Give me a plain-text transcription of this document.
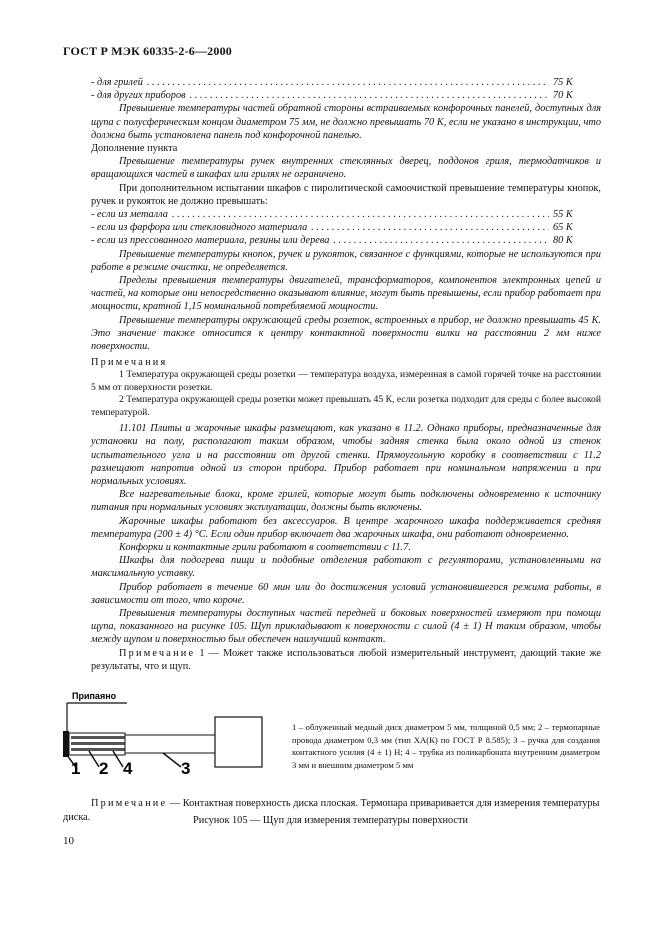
ГОСТ Р МЭК 60335-2-6—2000
- для грилей . . .	75 К
- для других приборов . . .	70 К

Превышение температуры частей обратной стороны встраиваемых конфорочных панелей, доступных для щупа с полусферическим концом диаметром 75 мм, не должно превышать 70 К, если не указано в инструкции, что должна быть установлена панель под конфорочной панелью.

Дополнение пункта

Превышение температуры ручек внутренних стеклянных дверец, поддонов гриля, термодатчиков и вращающихся частей в шкафах или грилях не ограничено.

При дополнительном испытании шкафов с пиролитической самоочисткой превышение температуры кнопок, ручек и рукояток не должно превышать:

- если из металла . . .	55 К
- если из фарфора или стекловидного материала . . .	65 К
- если из прессованного материала, резины или дерева . . .	80 К

Превышение температуры кнопок, ручек и рукояток, связанное с функциями, которые не используются при работе в режиме очистки, не определяется.

Пределы превышения температуры двигателей, трансформаторов, компонентов электронных цепей и частей, на которые они непосредственно оказывают влияние, могут быть превышены, если прибор работает при мощности, кратной 1,15 номинальной потребляемой мощности.

Превышение температуры окружающей среды розеток, встроенных в прибор, не должно превышать 45 К. Это значение также относится к центру контактной поверхности вилки на расстоянии 2 мм ниже поверхности.

Примечания

1 Температура окружающей среды розетки — температура воздуха, измеренная в самой горячей точке на расстоянии 5 мм от поверхности розетки.

2 Температура окружающей среды розетки может превышать 45 К, если розетка подходит для среды с более высокой температурой.

11.101 Плиты и жарочные шкафы размещают, как указано в 11.2. Однако приборы, предназначенные для установки на полу, располагают таким образом, чтобы задняя стенка была около одной из стенок испытательного угла и на расстоянии от другой стенки. Прямоугольную коробку в соответствии с 11.2 размещают напротив одной из сторон прибора. Прибор работает при номинальном напряжении и при нормальных условиях.

Все нагревательные блоки, кроме грилей, которые могут быть подключены одновременно к источнику питания при нормальных условиях эксплуатации, должны быть включены.

Жарочные шкафы работают без аксессуаров. В центре жарочного шкафа поддерживается средняя температура (200 ± 4) °С. Если один прибор включает два жарочных шкафа, они работают одновременно.

Конфорки и контактные грили работают в соответствии с 11.7.

Шкафы для подогрева пищи и подобные отделения работают с регуляторами, установленными на максимальную уставку.

Прибор работает в течение 60 мин или до достижения условий установившегося режима работы, в зависимости от того, что короче.

Превышения температуры доступных частей передней и боковых поверхностей измеряют при помощи щупа, показанного на рисунке 105. Щуп прикладывают к поверхности с силой (4 ± 1) Н таким образом, чтобы между щупом и поверхностью был обеспечен наилучший контакт.

Примечание 1 — Может также использоваться любой измерительный инструмент, дающий такие же результаты, что и щуп.

Припаяно
1 2 4	3
1 – облуженный медный диск диаметром 5 мм, толщиной 0,5 мм; 2 – термопарные провода диаметром 0,3 мм (тип ХА(К) по ГОСТ Р 8.585); 3 – ручка для создания контактного усилия (4 ± 1) Н; 4 – трубка из поликарбоната внутренним диаметром 3 мм и внешним диаметром 5 мм

Примечание — Контактная поверхность диска плоская. Термопара приваривается для измерения температуры диска.	Рисунок 105 — Щуп для измерения температуры поверхности
10
